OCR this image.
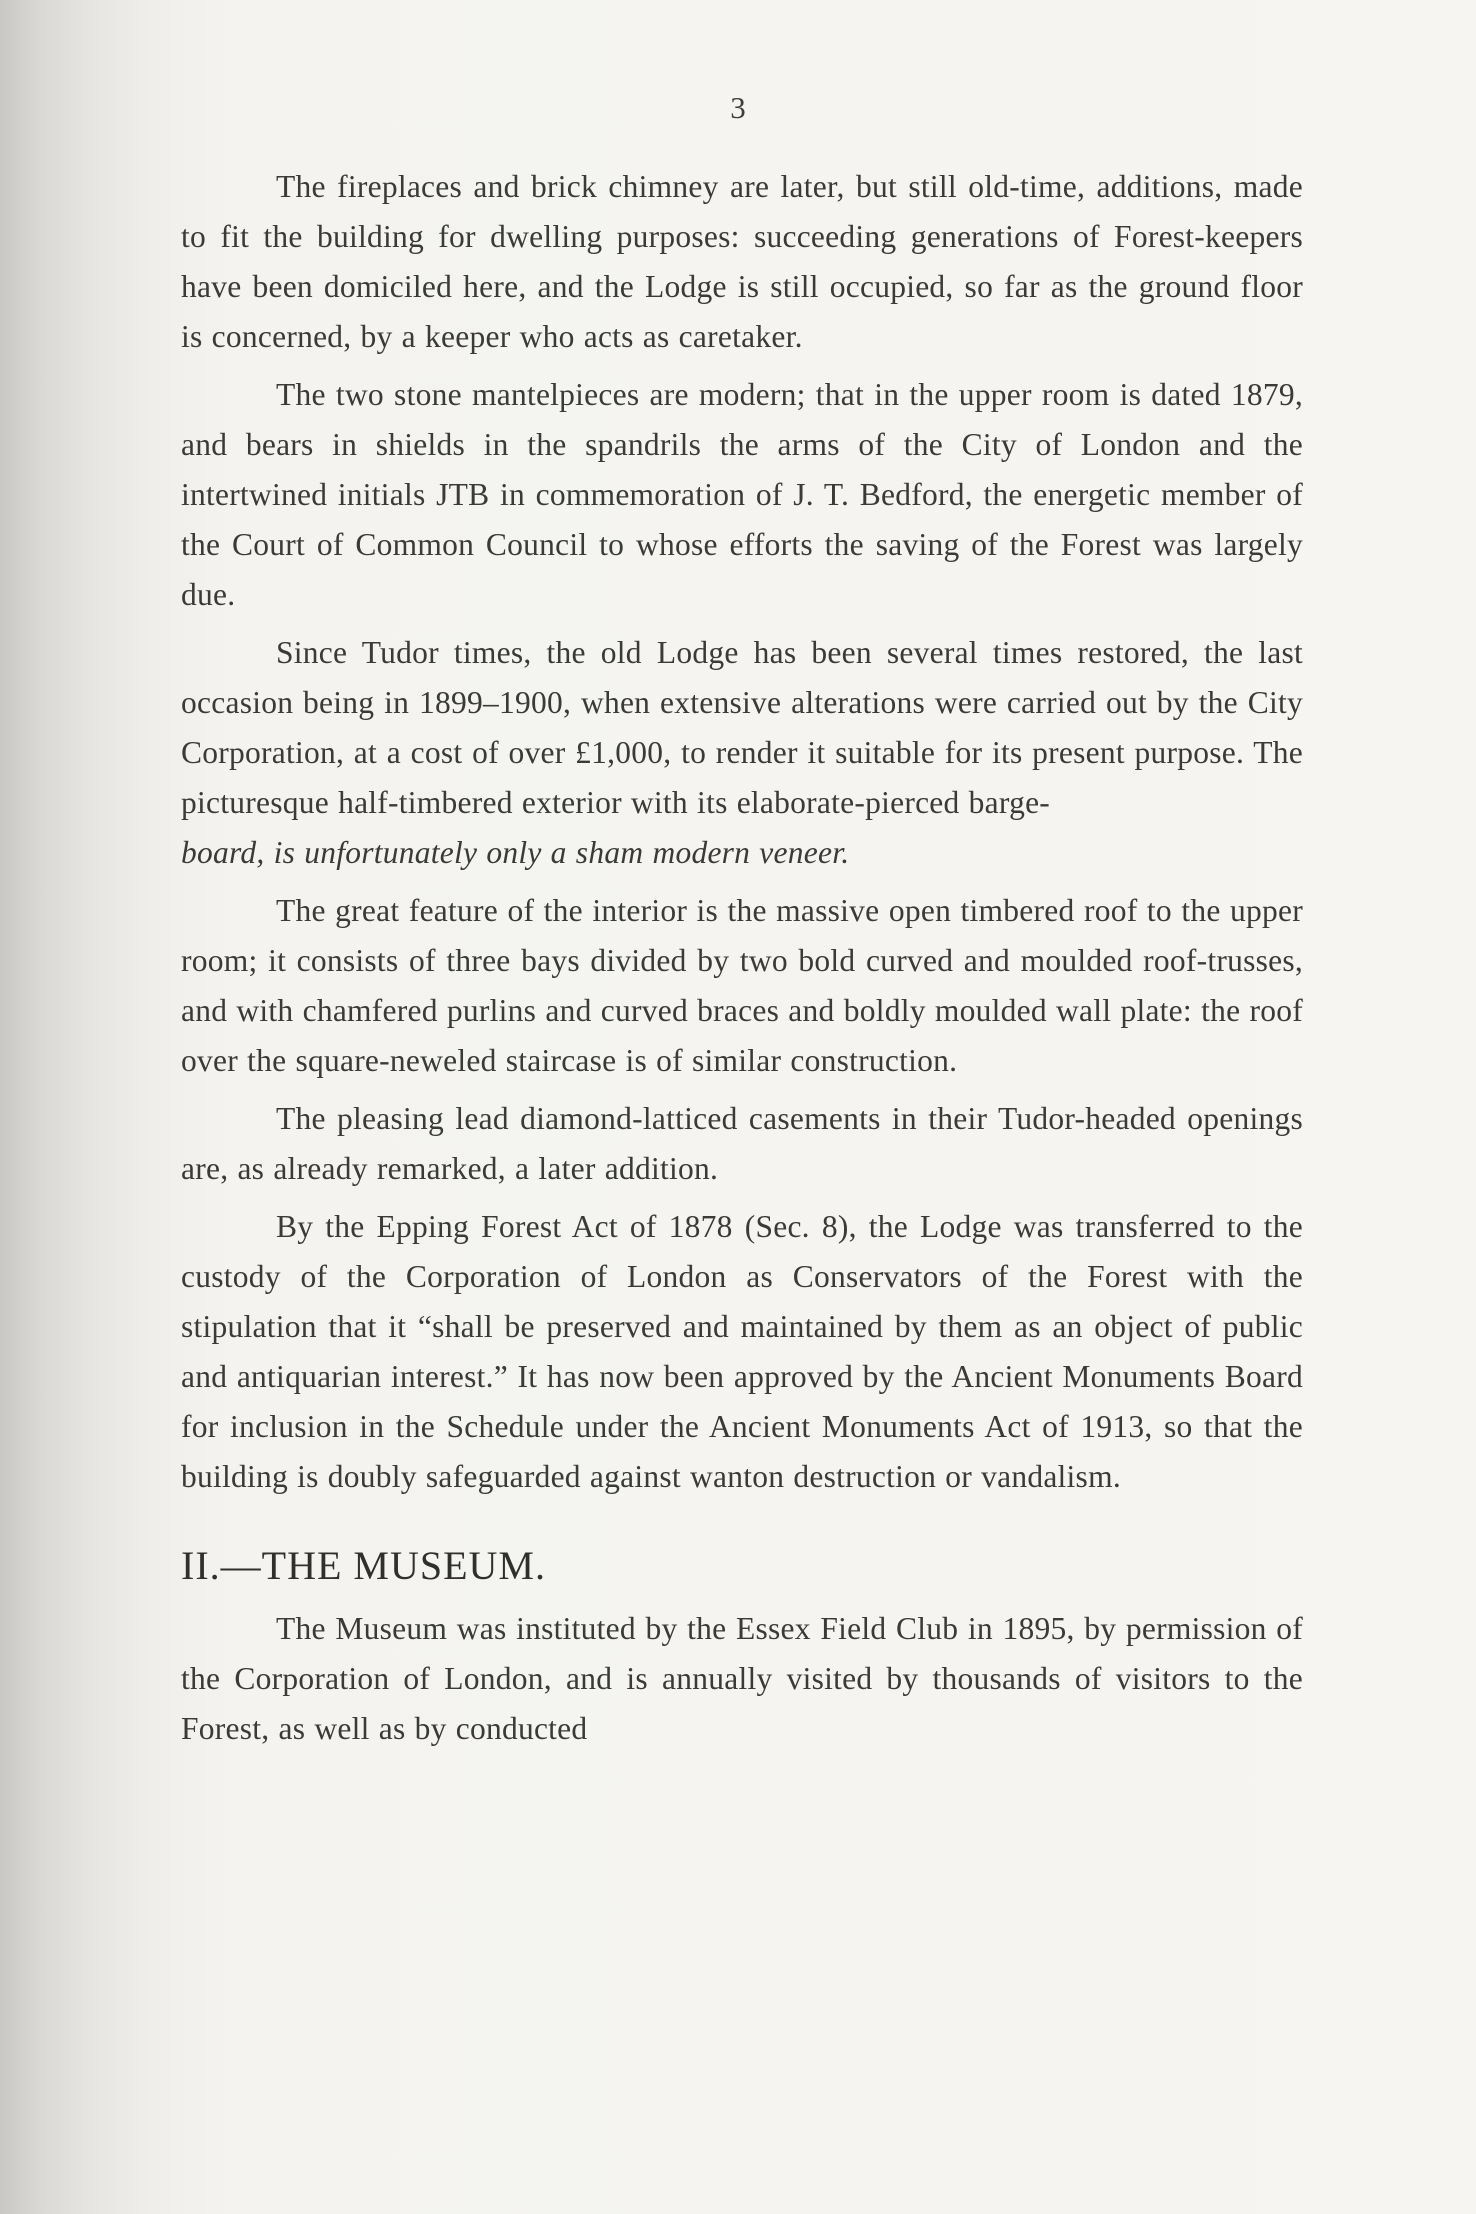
3

The fireplaces and brick chimney are later, but still old-time, additions, made to fit the building for dwelling purposes: succeeding generations of Forest-keepers have been domiciled here, and the Lodge is still occupied, so far as the ground floor is concerned, by a keeper who acts as caretaker.

The two stone mantelpieces are modern; that in the upper room is dated 1879, and bears in shields in the spandrils the arms of the City of London and the intertwined initials JTB in commemoration of J. T. Bedford, the energetic member of the Court of Common Council to whose efforts the saving of the Forest was largely due.

Since Tudor times, the old Lodge has been several times restored, the last occasion being in 1899–1900, when extensive alterations were carried out by the City Corporation, at a cost of over £1,000, to render it suitable for its present purpose. The picturesque half-timbered exterior with its elaborate-pierced barge-
board, is unfortunately only a sham modern veneer.

The great feature of the interior is the massive open timbered roof to the upper room; it consists of three bays divided by two bold curved and moulded roof-trusses, and with chamfered purlins and curved braces and boldly moulded wall plate: the roof over the square-neweled staircase is of similar construction.

The pleasing lead diamond-latticed casements in their Tudor-headed openings are, as already remarked, a later addition.

By the Epping Forest Act of 1878 (Sec. 8), the Lodge was transferred to the custody of the Corporation of London as Conservators of the Forest with the stipulation that it “shall be preserved and maintained by them as an object of public and antiquarian interest.” It has now been approved by the Ancient Monuments Board for inclusion in the Schedule under the Ancient Monuments Act of 1913, so that the building is doubly safeguarded against wanton destruction or vandalism.

II.—THE MUSEUM.

The Museum was instituted by the Essex Field Club in 1895, by permission of the Corporation of London, and is annually visited by thousands of visitors to the Forest, as well as by conducted
